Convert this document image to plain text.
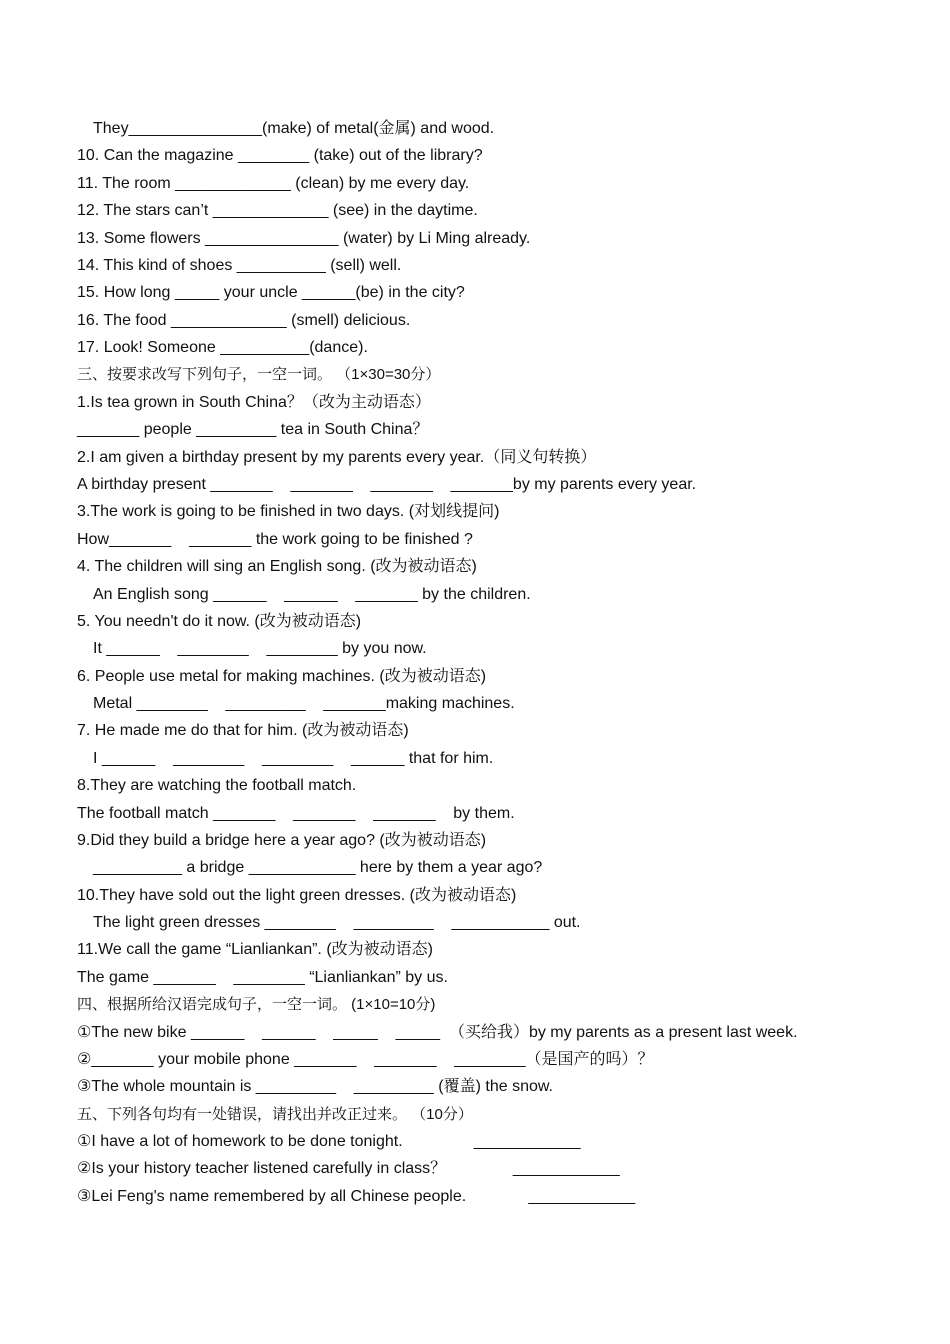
They_______________(make) of metal(金属) and wood.
10. Can the magazine ________ (take) out of the library?
11. The room _____________ (clean) by me every day.
12. The stars can’t _____________ (see) in the daytime.
13. Some flowers _______________ (water) by Li Ming already.
14. This kind of shoes __________ (sell) well.
15. How long _____ your uncle ______(be) in the city?
16. The food _____________ (smell) delicious.
17. Look! Someone __________(dance).
三、按要求改写下列句子，一空一词。 （1×30=30分）
1.Is tea grown in South China？（改为主动语态）
_______ people _________ tea in South China？
2.I am given a birthday present by my parents every year.（同义句转换）
A birthday present _______    _______    _______    _______by my parents every year.
3.The work is going to be finished in two days. (对划线提问)
How_______    _______ the work going to be finished ?
4. The children will sing an English song. (改为被动语态)
An English song ______    ______    _______ by the children.
5. You needn't do it now. (改为被动语态)
It ______    ________    ________ by you now.
6. People use metal for making machines. (改为被动语态)
Metal ________    _________    _______making machines.
7. He made me do that for him. (改为被动语态)
I ______    ________    ________    ______ that for him.
8.They are watching the football match.
The football match _______    _______    _______    by them.
9.Did they build a bridge here a year ago? (改为被动语态)
__________ a bridge ____________ here by them a year ago?
10.They have sold out the light green dresses. (改为被动语态)
The light green dresses ________    _________    ___________ out.
11.We call the game “Lianliankan”. (改为被动语态)
The game _______    ________ “Lianliankan” by us.
四、根据所给汉语完成句子，一空一词。 (1×10=10分)
①The new bike ______    ______    _____    _____  （买给我）by my parents as a present last week.
②_______ your mobile phone _______    _______    ________（是国产的吗）？
③The whole mountain is _________    _________ (覆盖) the snow.
五、下列各句均有一处错误，请找出并改正过来。 （10分）
①I have a lot of homework to be done tonight.                ____________
②Is your history teacher listened carefully in class？               ____________
③Lei Feng's name remembered by all Chinese people.              ____________
